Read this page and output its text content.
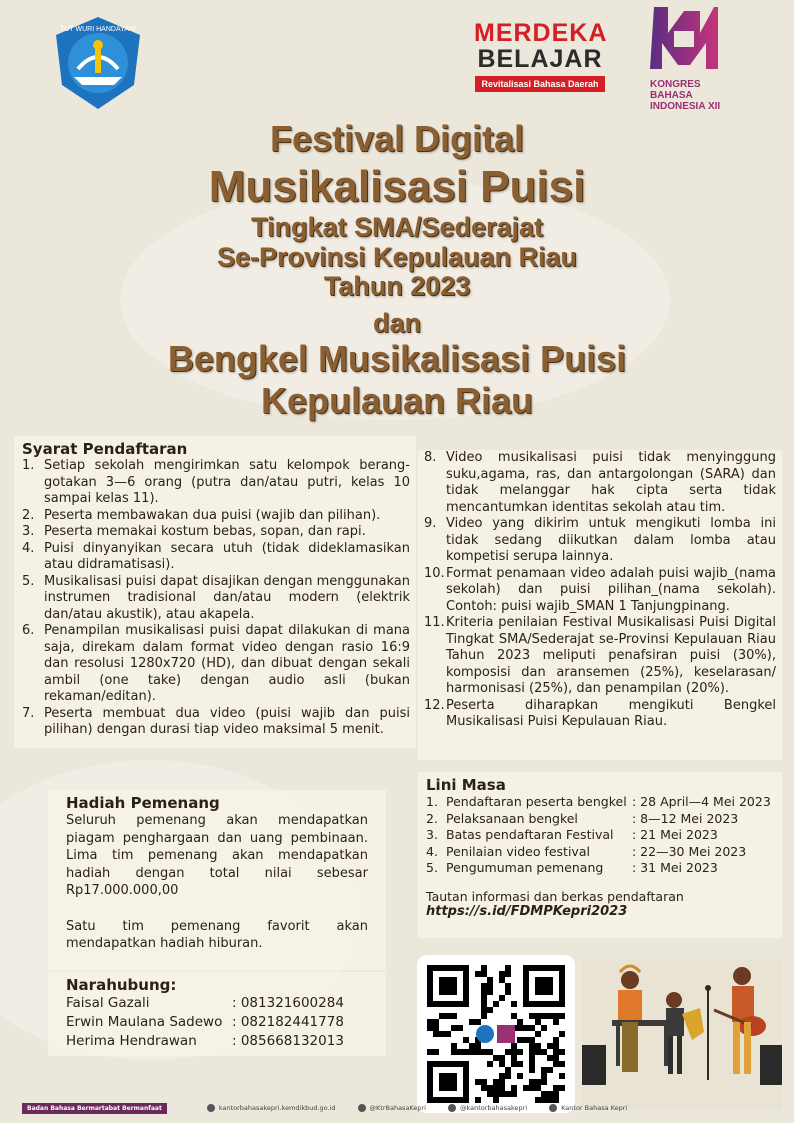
TUT WURI HANDAYANI	MERDEKA
BELAJAR
Revitalisasi Bahasa Daerah	KONGRES
BAHASA
INDONESIA XII
Festival Digital
Musikalisasi Puisi
Tingkat SMA/Sederajat
Se-Provinsi Kepulauan Riau
Tahun 2023
dan
Bengkel Musikalisasi Puisi
Kepulauan Riau

Syarat Pendaftaran

1. Setiap sekolah mengirimkan satu kelompok berang-gotakan 3—6 orang (putra dan/atau putri, kelas 10 sampai kelas 11).
2. Peserta membawakan dua puisi (wajib dan pilihan).
3. Peserta memakai kostum bebas, sopan, dan rapi.
4. Puisi dinyanyikan secara utuh (tidak dideklamasikan atau didramatisasi).
5. Musikalisasi puisi dapat disajikan dengan menggunakan instrumen tradisional dan/atau modern (elektrik dan/atau akustik), atau akapela.
6. Penampilan musikalisasi puisi dapat dilakukan di mana saja, direkam dalam format video dengan rasio 16:9 dan resolusi 1280x720 (HD), dan dibuat dengan sekali ambil (one take) dengan audio asli (bukan rekaman/editan).
7. Peserta membuat dua video (puisi wajib dan puisi pilihan) dengan durasi tiap video maksimal 5 menit.
8. Video musikalisasi puisi tidak menyinggung suku,agama, ras, dan antargolongan (SARA) dan tidak melanggar hak cipta serta tidak mencantumkan identitas sekolah atau tim.
9. Video yang dikirim untuk mengikuti lomba ini tidak sedang diikutkan dalam lomba atau kompetisi serupa lainnya.
10. Format penamaan video adalah puisi wajib_(nama sekolah) dan puisi pilihan_(nama sekolah). Contoh: puisi wajib_SMAN 1 Tanjungpinang.
11. Kriteria penilaian Festival Musikalisasi Puisi Digital Tingkat SMA/Sederajat se-Provinsi Kepulauan Riau Tahun 2023 meliputi penafsiran puisi (30%), komposisi dan aransemen (25%), keselarasan/ harmonisasi (25%), dan penampilan (20%).
12. Peserta diharapkan mengikuti Bengkel Musikalisasi Puisi Kepulauan Riau.

Hadiah Pemenang

Seluruh pemenang akan mendapatkan piagam penghargaan dan uang pembinaan. Lima tim pemenang akan mendapatkan hadiah dengan total nilai sebesar Rp17.000.000,00

Satu tim pemenang favorit akan mendapatkan hadiah hiburan.

Narahubung:

Faisal Gazali	: 081321600284
Erwin Maulana Sadewo : 082182441778
Herima Hendrawan	: 085668132013

Lini Masa

1. Pendaftaran peserta bengkel : 28 April—4 Mei 2023
2. Pelaksanaan bengkel	: 8—12 Mei 2023
3. Batas pendaftaran Festival	: 21 Mei 2023
4. Penilaian video festival	: 22—30 Mei 2023
5. Pengumuman pemenang	: 31 Mei 2023
Tautan informasi dan berkas pendaftaran
https://s.id/FDMPKepri2023
Badan Bahasa Bermartabat Bermanfaat	kantorbahasakepri.kemdikbud.go.id	@KtrBahasaKepri	@kantorbahasakepri	Kantor Bahasa Kepri
